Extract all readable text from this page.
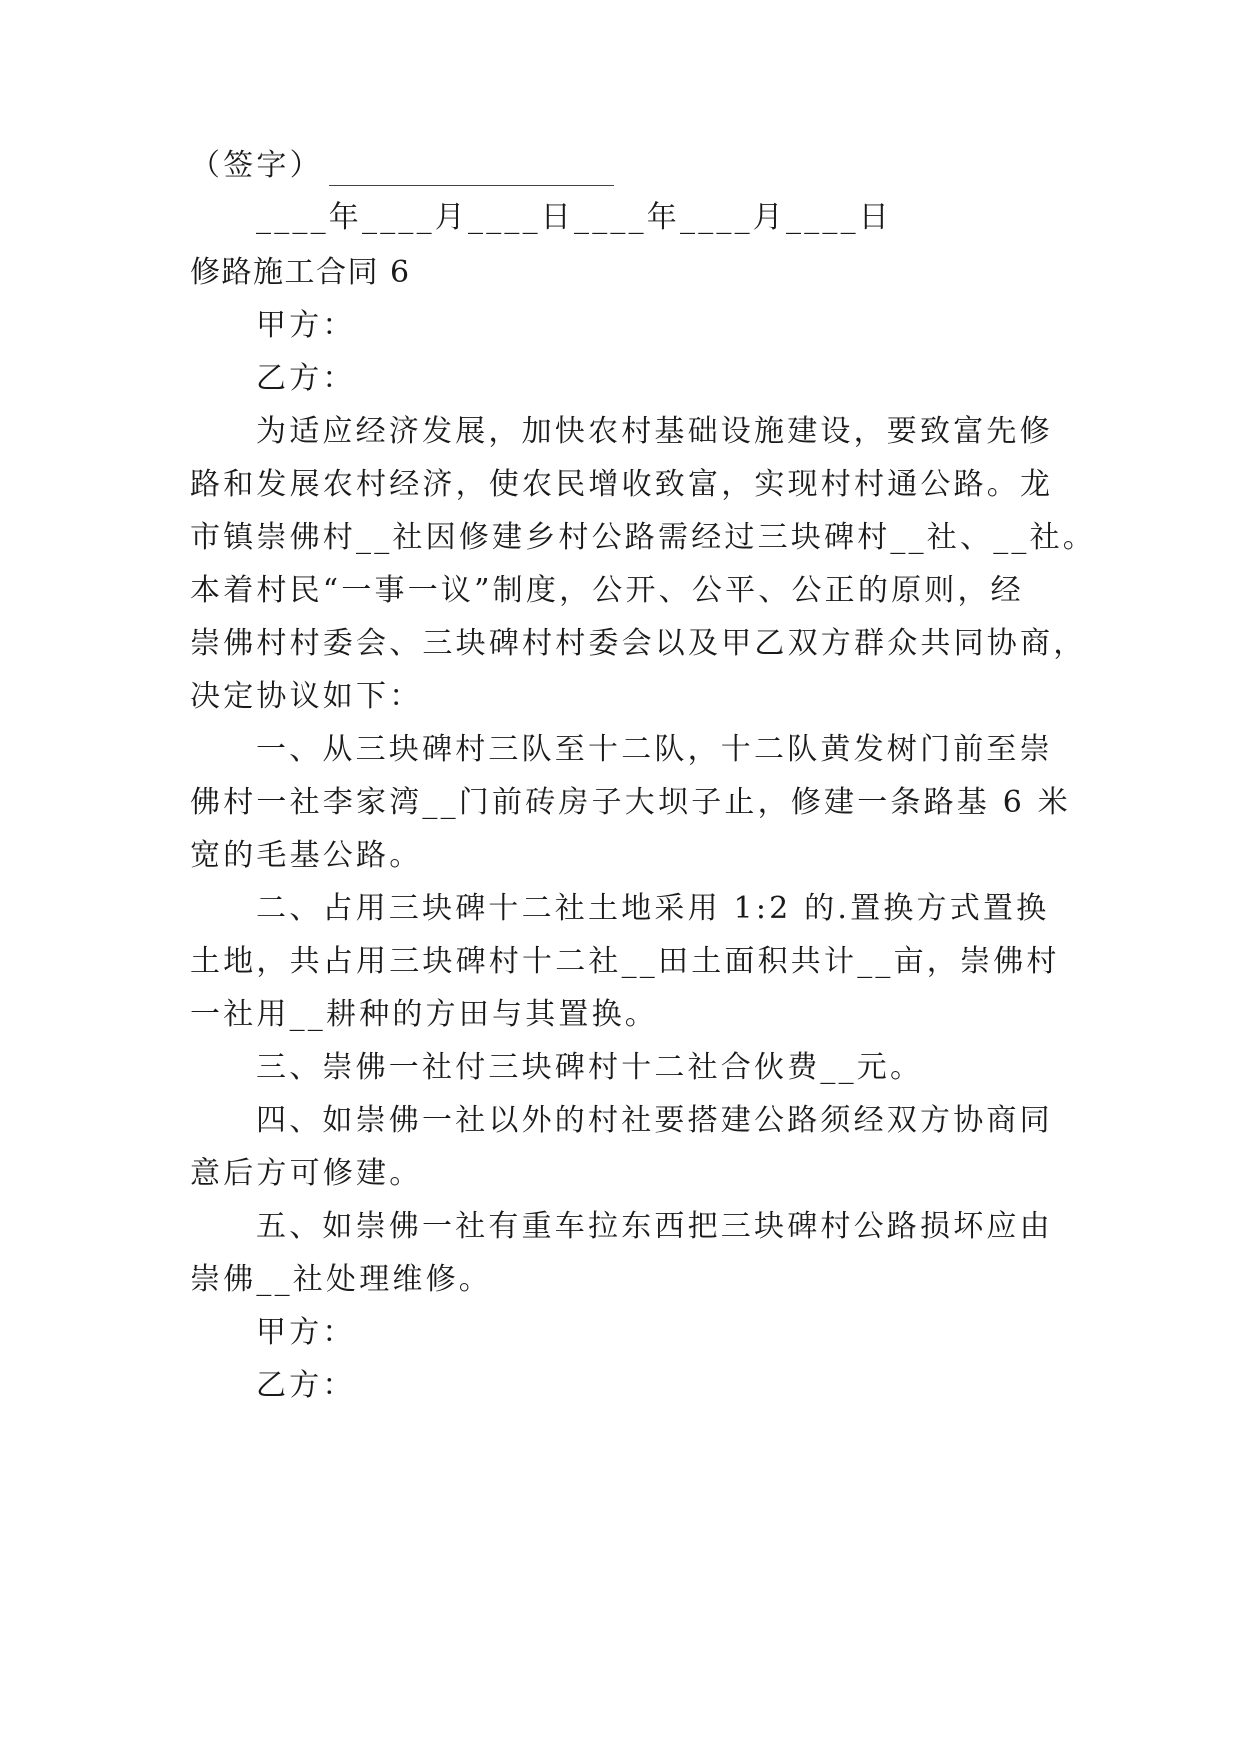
（签字）
____年____月____日____年____月____日
修路施工合同 6
甲方：
乙方：
为适应经济发展，加快农村基础设施建设，要致富先修
路和发展农村经济，使农民增收致富，实现村村通公路。龙
市镇崇佛村__社因修建乡村公路需经过三块碑村__社、__社。
本着村民“一事一议”制度，公开、公平、公正的原则，经
崇佛村村委会、三块碑村村委会以及甲乙双方群众共同协商，
决定协议如下：
一、从三块碑村三队至十二队，十二队黄发树门前至崇
佛村一社李家湾__门前砖房子大坝子止，修建一条路基 6 米
宽的毛基公路。
二、占用三块碑十二社土地采用 1:2 的.置换方式置换
土地，共占用三块碑村十二社__田土面积共计__亩，崇佛村
一社用__耕种的方田与其置换。
三、崇佛一社付三块碑村十二社合伙费__元。
四、如崇佛一社以外的村社要搭建公路须经双方协商同
意后方可修建。
五、如崇佛一社有重车拉东西把三块碑村公路损坏应由
崇佛__社处理维修。
甲方：
乙方：
